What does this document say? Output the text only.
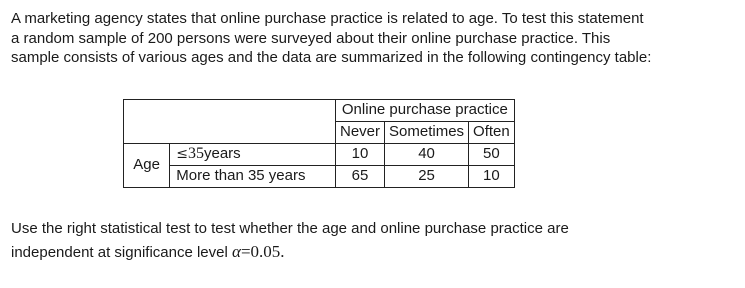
A marketing agency states that online purchase practice is related to age. To test this statement
a random sample of 200 persons were surveyed about their online purchase practice. This
sample consists of various ages and the data are summarized in the following contingency table:
		Online purchase practice		
		Never	Sometimes	Often
Age	≤35years	10	40	50
	More than 35 years	65	25	10
Use the right statistical test to test whether the age and online purchase practice are
independent at significance level α=0.05.
